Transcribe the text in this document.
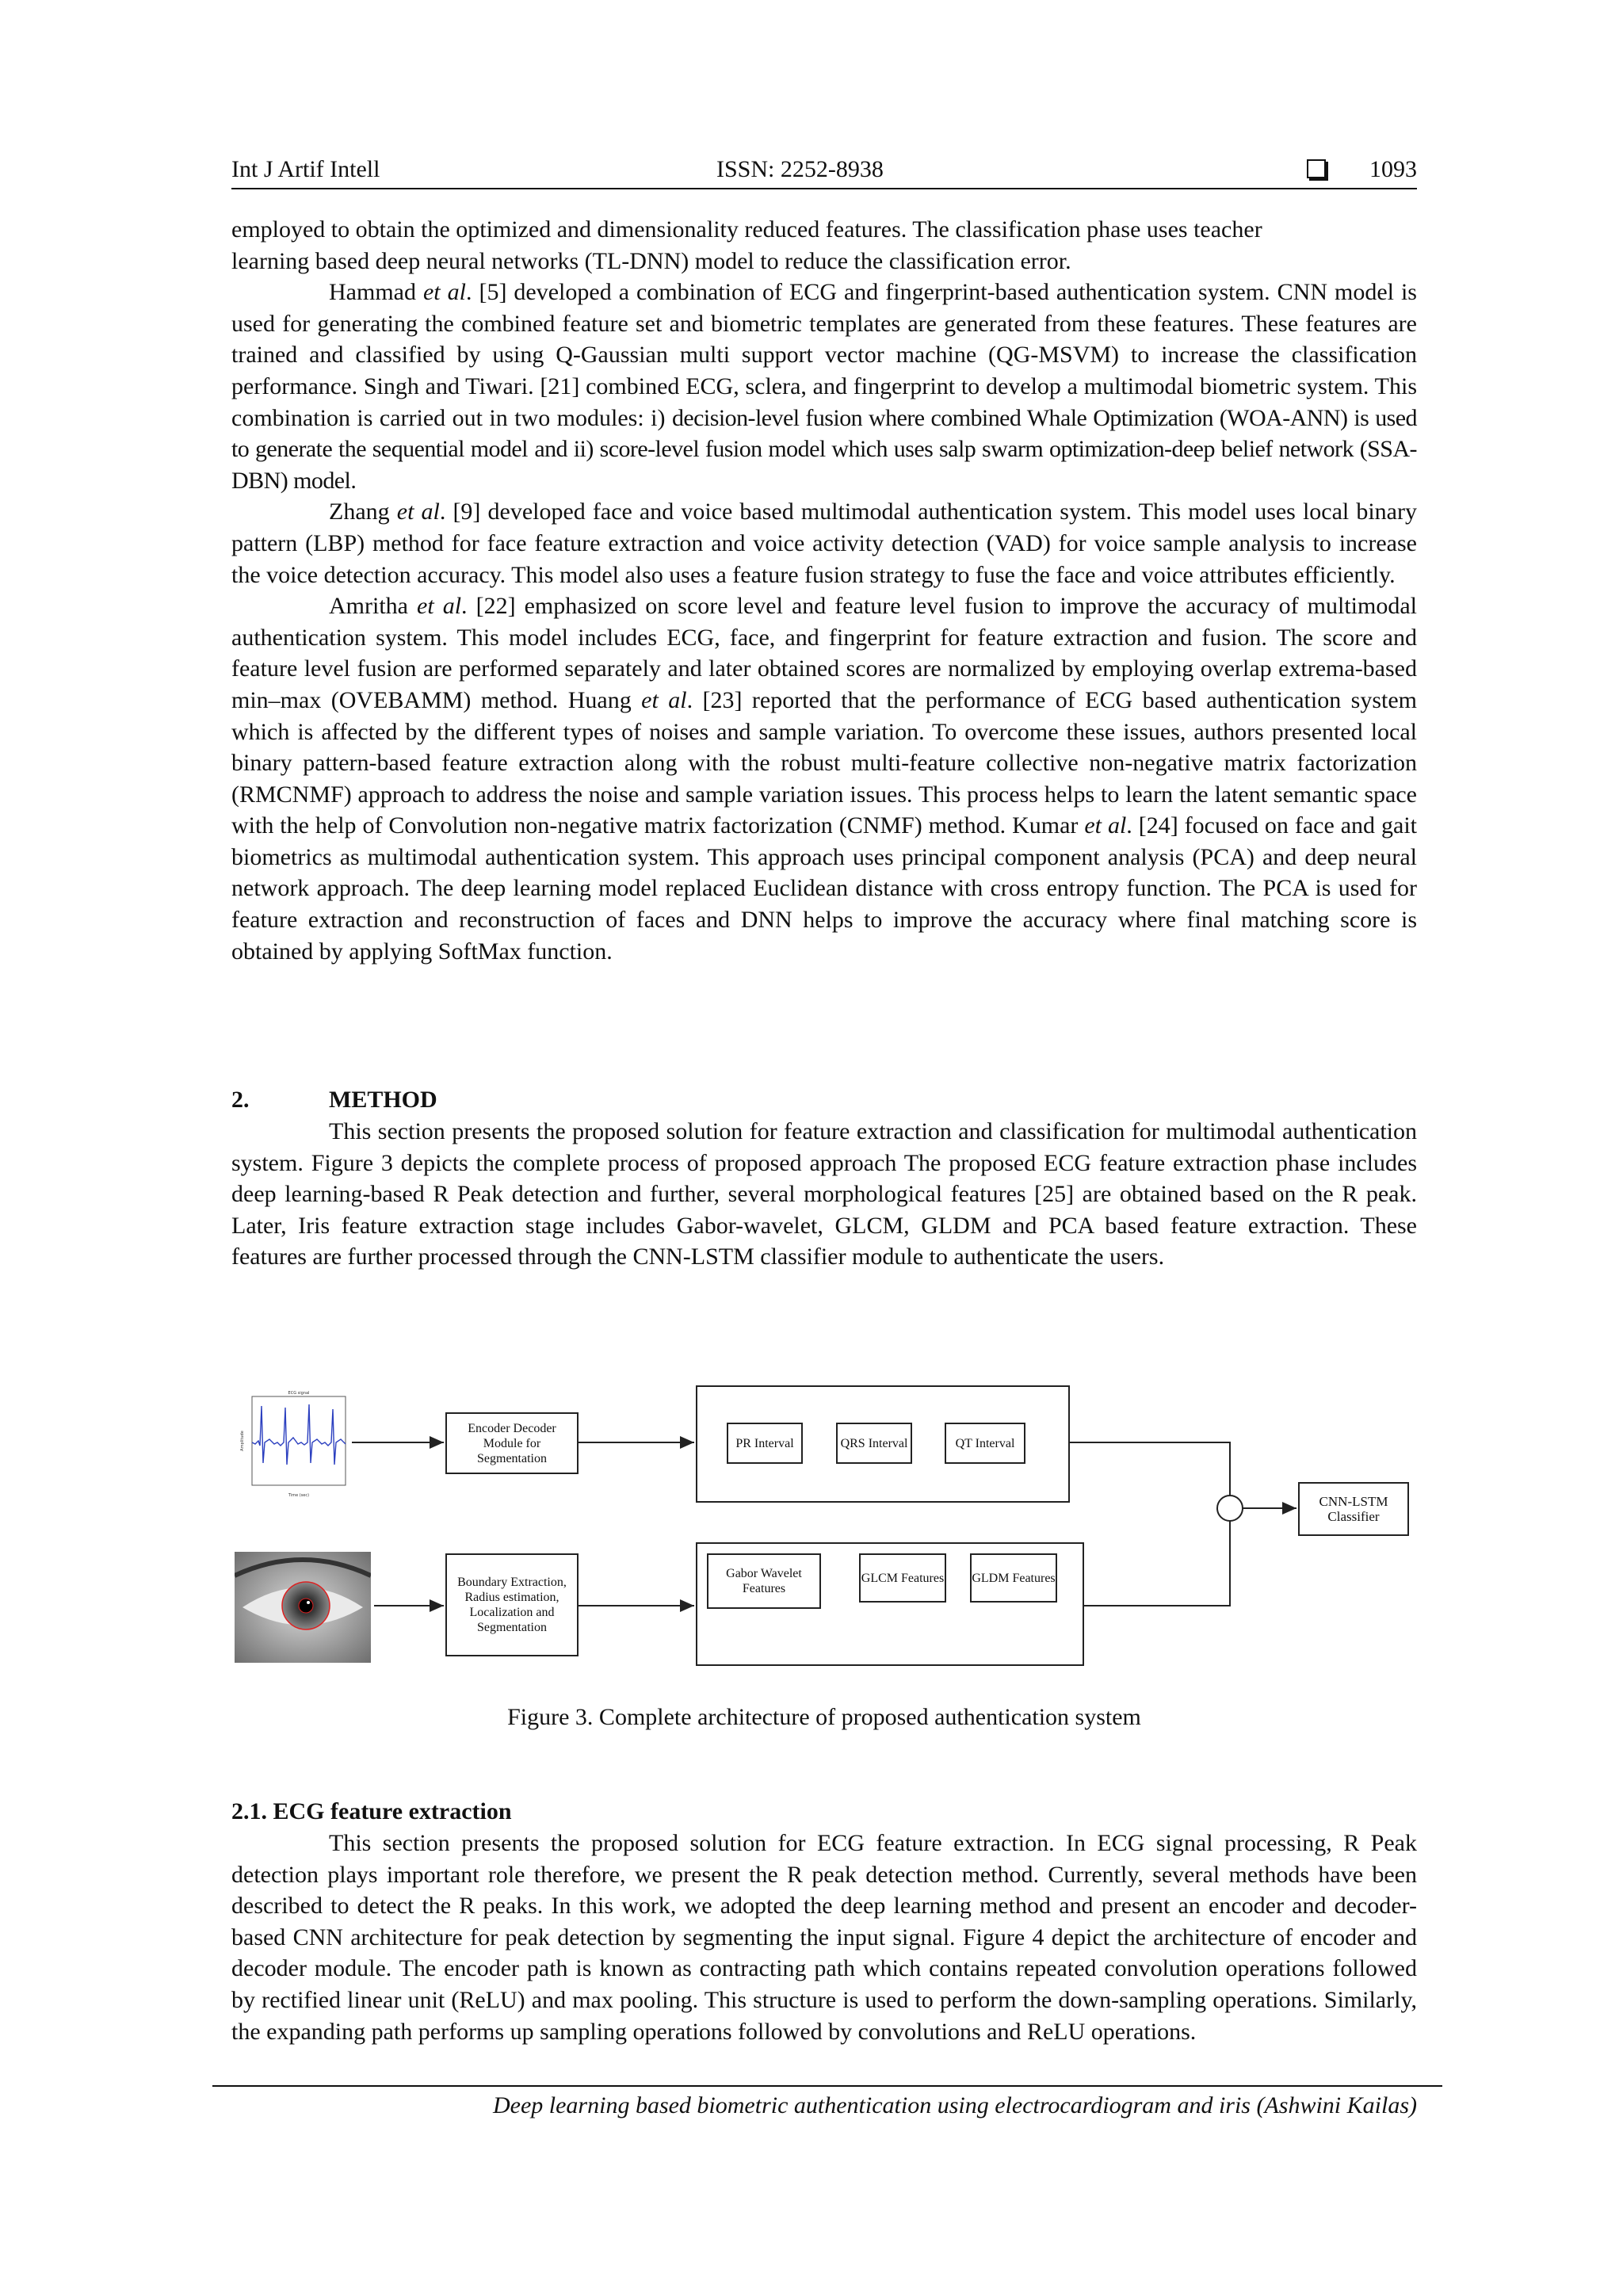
Int J Artif Intell	ISSN: 2252-8938	1093

employed to obtain the optimized and dimensionality reduced features. The classification phase uses teacher
learning based deep neural networks (TL-DNN) model to reduce the classification error.

Hammad et al. [5] developed a combination of ECG and fingerprint-based authentication system. CNN model is used for generating the combined feature set and biometric templates are generated from these features. These features are trained and classified by using Q-Gaussian multi support vector machine (QG-MSVM) to increase the classification performance. Singh and Tiwari. [21] combined ECG, sclera, and fingerprint to develop a multimodal biometric system. This combination is carried out in two modules: i) decision-level fusion where combined Whale Optimization (WOA-ANN) is used to generate the sequential model and ii) score-level fusion model which uses salp swarm optimization-deep belief network (SSA-DBN) model.

Zhang et al. [9] developed face and voice based multimodal authentication system. This model uses local binary pattern (LBP) method for face feature extraction and voice activity detection (VAD) for voice sample analysis to increase the voice detection accuracy. This model also uses a feature fusion strategy to fuse the face and voice attributes efficiently.

Amritha et al. [22] emphasized on score level and feature level fusion to improve the accuracy of multimodal authentication system. This model includes ECG, face, and fingerprint for feature extraction and fusion. The score and feature level fusion are performed separately and later obtained scores are normalized by employing overlap extrema-based min–max (OVEBAMM) method. Huang et al. [23] reported that the performance of ECG based authentication system which is affected by the different types of noises and sample variation. To overcome these issues, authors presented local binary pattern-based feature extraction along with the robust multi-feature collective non-negative matrix factorization (RMCNMF) approach to address the noise and sample variation issues. This process helps to learn the latent semantic space with the help of Convolution non-negative matrix factorization (CNMF) method. Kumar et al. [24] focused on face and gait biometrics as multimodal authentication system. This approach uses principal component analysis (PCA) and deep neural network approach. The deep learning model replaced Euclidean distance with cross entropy function. The PCA is used for feature extraction and reconstruction of faces and DNN helps to improve the accuracy where final matching score is obtained by applying SoftMax function.

2.	METHOD

This section presents the proposed solution for feature extraction and classification for multimodal authentication system. Figure 3 depicts the complete process of proposed approach The proposed ECG feature extraction phase includes deep learning-based R Peak detection and further, several morphological features [25] are obtained based on the R peak. Later, Iris feature extraction stage includes Gabor-wavelet, GLCM, GLDM and PCA based feature extraction. These features are further processed through the CNN-LSTM classifier module to authenticate the users.

ECG signal
Amplitude
Time (sec)
Encoder Decoder Module for Segmentation
PR Interval	QRS Interval	QT Interval
Boundary Extraction, Radius estimation, Localization and Segmentation
Gabor Wavelet Features
GLCM Features GLDM Features
CNN-LSTM Classifier
Figure 3. Complete architecture of proposed authentication system
2.1. ECG feature extraction

This section presents the proposed solution for ECG feature extraction. In ECG signal processing, R Peak detection plays important role therefore, we present the R peak detection method. Currently, several methods have been described to detect the R peaks. In this work, we adopted the deep learning method and present an encoder and decoder-based CNN architecture for peak detection by segmenting the input signal. Figure 4 depict the architecture of encoder and decoder module. The encoder path is known as contracting path which contains repeated convolution operations followed by rectified linear unit (ReLU) and max pooling. This structure is used to perform the down-sampling operations. Similarly, the expanding path performs up sampling operations followed by convolutions and ReLU operations.

Deep learning based biometric authentication using electrocardiogram and iris (Ashwini Kailas)
